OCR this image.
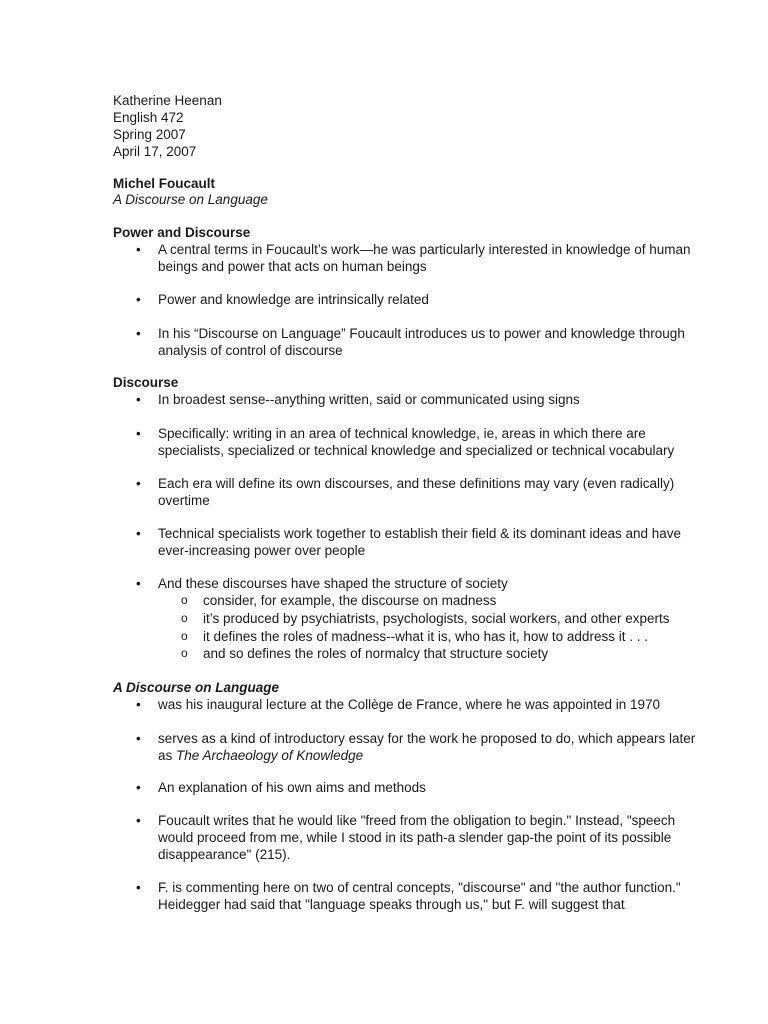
Katherine Heenan
English 472
Spring 2007
April 17, 2007
Michel Foucault
A Discourse on Language
Power and Discourse
• A central terms in Foucault’s work—he was particularly interested in knowledge of human beings and power that acts on human beings
• Power and knowledge are intrinsically related
• In his “Discourse on Language” Foucault introduces us to power and knowledge through analysis of control of discourse
Discourse
• In broadest sense--anything written, said or communicated using signs
• Specifically: writing in an area of technical knowledge, ie, areas in which there are specialists, specialized or technical knowledge and specialized or technical vocabulary
• Each era will define its own discourses, and these definitions may vary (even radically) overtime
• Technical specialists work together to establish their field & its dominant ideas and have ever-increasing power over people
• And these discourses have shaped the structure of society
o consider, for example, the discourse on madness
o it’s produced by psychiatrists, psychologists, social workers, and other experts
o it defines the roles of madness--what it is, who has it, how to address it . . .
o and so defines the roles of normalcy that structure society
A Discourse on Language
• was his inaugural lecture at the Collège de France, where he was appointed in 1970
• serves as a kind of introductory essay for the work he proposed to do, which appears later as The Archaeology of Knowledge
• An explanation of his own aims and methods
• Foucault writes that he would like "freed from the obligation to begin." Instead, "speech would proceed from me, while I stood in its path-a slender gap-the point of its possible disappearance" (215).
• F. is commenting here on two of central concepts, "discourse" and "the author function." Heidegger had said that "language speaks through us," but F. will suggest that
